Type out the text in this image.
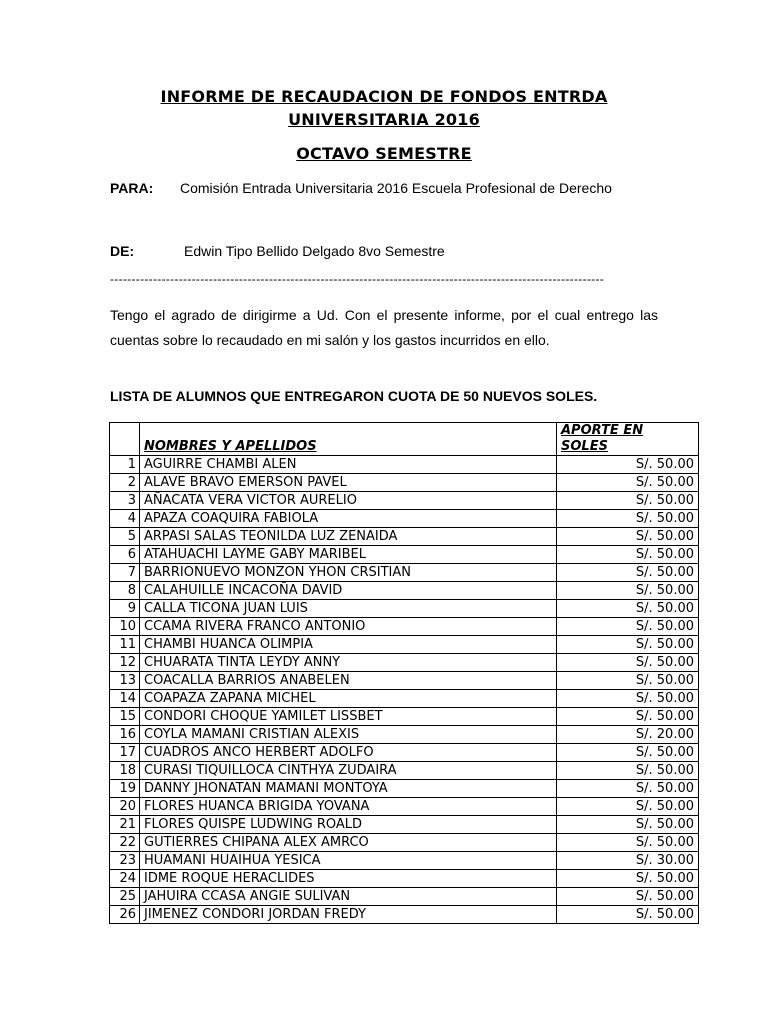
INFORME DE RECAUDACION DE FONDOS ENTRDA
UNIVERSITARIA 2016
OCTAVO SEMESTRE
PARA: Comisión Entrada Universitaria 2016 Escuela Profesional de Derecho
DE:	Edwin Tipo Bellido Delgado 8vo Semestre
-------------------------------------------------------------------------------------------------------------------

Tengo el agrado de dirigirme a Ud. Con el presente informe, por el cual entrego las cuentas sobre lo recaudado en mi salón y los gastos incurridos en ello.

LISTA DE ALUMNOS QUE ENTREGARON CUOTA DE 50 NUEVOS SOLES.
	NOMBRES Y APELLIDOS	APORTE EN
SOLES
1	AGUIRRE CHAMBI ALEN	S/. 50.00
2	ALAVE BRAVO EMERSON PAVEL	S/. 50.00
3	AÑACATA VERA VICTOR AURELIO	S/. 50.00
4	APAZA COAQUIRA FABIOLA	S/. 50.00
5	ARPASI SALAS TEONILDA LUZ ZENAIDA	S/. 50.00
6	ATAHUACHI LAYME GABY MARIBEL	S/. 50.00
7	BARRIONUEVO MONZON YHON CRSITIAN	S/. 50.00
8	CALAHUILLE INCACOÑA DAVID	S/. 50.00
9	CALLA TICONA JUAN LUIS	S/. 50.00
10	CCAMA RIVERA FRANCO ANTONIO	S/. 50.00
11	CHAMBI HUANCA OLIMPIA	S/. 50.00
12	CHUARATA TINTA LEYDY ANNY	S/. 50.00
13	COACALLA BARRIOS ANABELEN	S/. 50.00
14	COAPAZA ZAPANA MICHEL	S/. 50.00
15	CONDORI CHOQUE YAMILET LISSBET	S/. 50.00
16	COYLA MAMANI CRISTIAN ALEXIS	S/. 20.00
17	CUADROS ANCO HERBERT ADOLFO	S/. 50.00
18	CURASI TIQUILLOCA CINTHYA ZUDAIRA	S/. 50.00
19	DANNY JHONATAN MAMANI MONTOYA	S/. 50.00
20	FLORES HUANCA BRIGIDA YOVANA	S/. 50.00
21	FLORES QUISPE LUDWING ROALD	S/. 50.00
22	GUTIERRES CHIPANA ALEX AMRCO	S/. 50.00
23	HUAMANI HUAIHUA YESICA	S/. 30.00
24	IDME ROQUE HERACLIDES	S/. 50.00
25	JAHUIRA CCASA ANGIE SULIVAN	S/. 50.00
26	JIMENEZ CONDORI JORDAN FREDY	S/. 50.00
